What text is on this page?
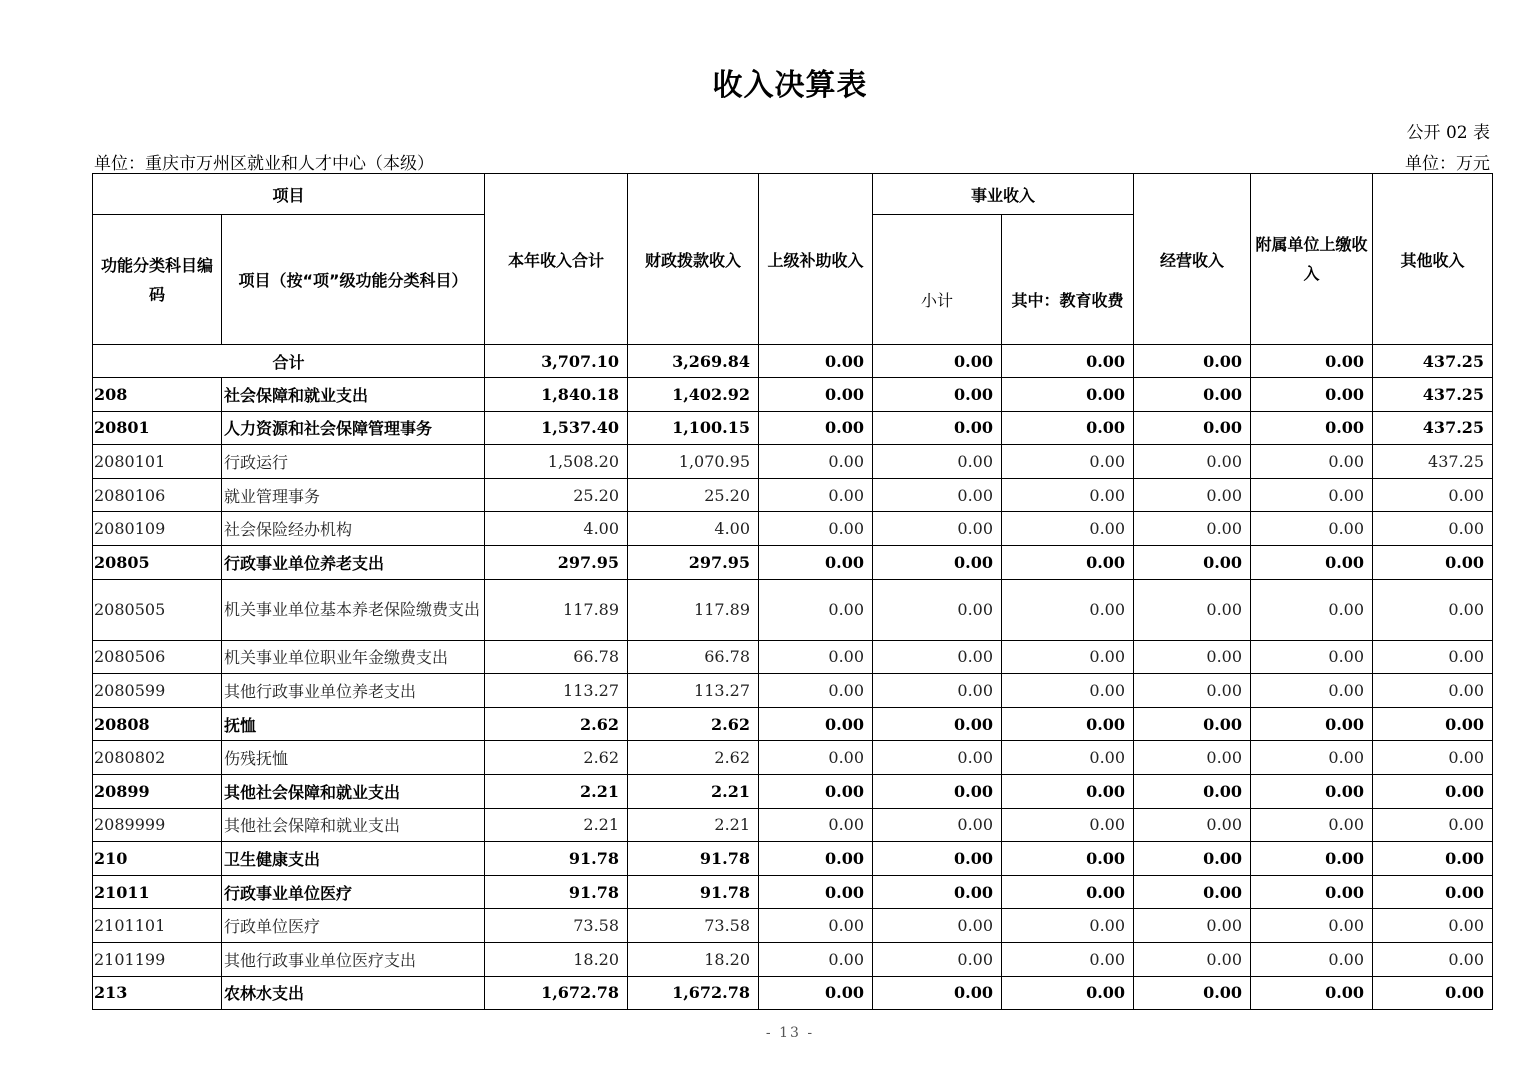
收入决算表
公开 02 表
单位：重庆市万州区就业和人才中心（本级）	单位：万元
项目		本年收入合计	财政拨款收入	上级补助收入	事业收入		经营收入	附属单位上缴收入	其他收入
功能分类科目编码	项目（按“项”级功能分类科目）				小计	其中：教育收费			
合计		3,707.10	3,269.84	0.00	0.00	0.00	0.00	0.00	437.25
208	社会保障和就业支出	1,840.18	1,402.92	0.00	0.00	0.00	0.00	0.00	437.25
20801	人力资源和社会保障管理事务	1,537.40	1,100.15	0.00	0.00	0.00	0.00	0.00	437.25
2080101	行政运行	1,508.20	1,070.95	0.00	0.00	0.00	0.00	0.00	437.25
2080106	就业管理事务	25.20	25.20	0.00	0.00	0.00	0.00	0.00	0.00
2080109	社会保险经办机构	4.00	4.00	0.00	0.00	0.00	0.00	0.00	0.00
20805	行政事业单位养老支出	297.95	297.95	0.00	0.00	0.00	0.00	0.00	0.00
2080505	机关事业单位基本养老保险缴费支出	117.89	117.89	0.00	0.00	0.00	0.00	0.00	0.00
2080506	机关事业单位职业年金缴费支出	66.78	66.78	0.00	0.00	0.00	0.00	0.00	0.00
2080599	其他行政事业单位养老支出	113.27	113.27	0.00	0.00	0.00	0.00	0.00	0.00
20808	抚恤	2.62	2.62	0.00	0.00	0.00	0.00	0.00	0.00
2080802	伤残抚恤	2.62	2.62	0.00	0.00	0.00	0.00	0.00	0.00
20899	其他社会保障和就业支出	2.21	2.21	0.00	0.00	0.00	0.00	0.00	0.00
2089999	其他社会保障和就业支出	2.21	2.21	0.00	0.00	0.00	0.00	0.00	0.00
210	卫生健康支出	91.78	91.78	0.00	0.00	0.00	0.00	0.00	0.00
21011	行政事业单位医疗	91.78	91.78	0.00	0.00	0.00	0.00	0.00	0.00
2101101	行政单位医疗	73.58	73.58	0.00	0.00	0.00	0.00	0.00	0.00
2101199	其他行政事业单位医疗支出	18.20	18.20	0.00	0.00	0.00	0.00	0.00	0.00
213	农林水支出	1,672.78	1,672.78	0.00	0.00	0.00	0.00	0.00	0.00
- 13 -
